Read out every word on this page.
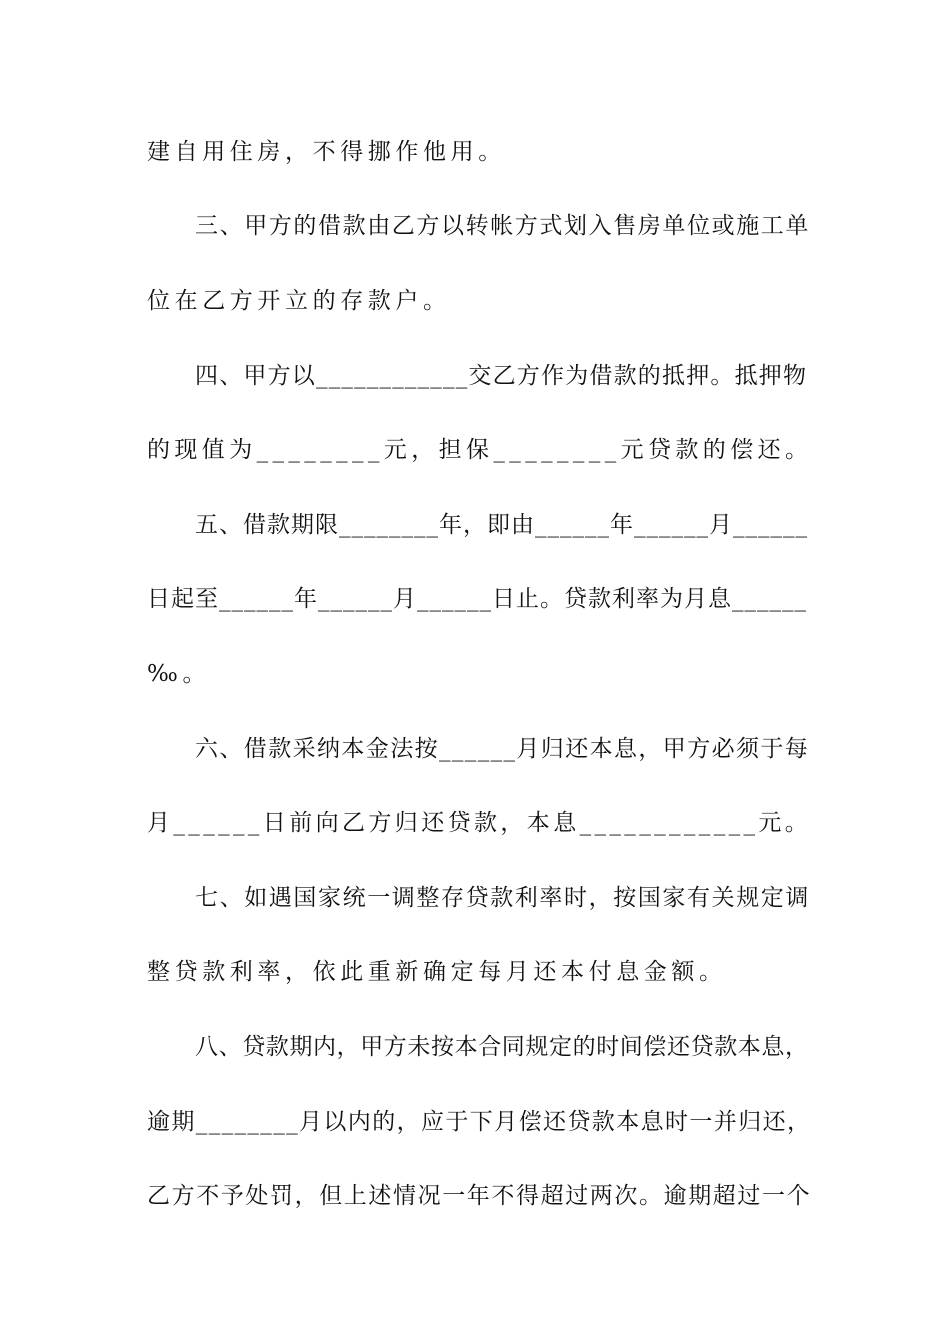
建自用住房，不得挪作他用。
三、甲方的借款由乙方以转帐方式划入售房单位或施工单
位在乙方开立的存款户。
四、甲方以____________交乙方作为借款的抵押。抵押物
的现值为________元，担保________元贷款的偿还。
五、借款期限________年，即由______年______月______
日起至______年______月______日止。贷款利率为月息______
‰。
六、借款采纳本金法按______月归还本息，甲方必须于每
月______日前向乙方归还贷款，本息____________元。
七、如遇国家统一调整存贷款利率时，按国家有关规定调
整贷款利率，依此重新确定每月还本付息金额。
八、贷款期内，甲方未按本合同规定的时间偿还贷款本息，
逾期________月以内的，应于下月偿还贷款本息时一并归还，
乙方不予处罚，但上述情况一年不得超过两次。逾期超过一个
